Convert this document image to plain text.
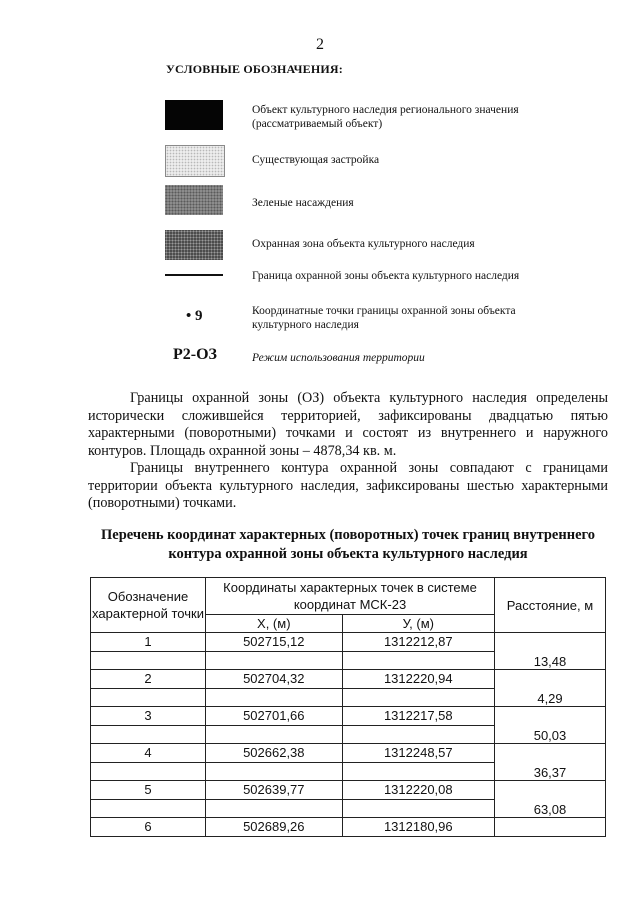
2
УСЛОВНЫЕ ОБОЗНАЧЕНИЯ:
Объект культурного наследия регионального значения (рассматриваемый объект)
Существующая застройка
Зеленые насаждения
Охранная зона объекта культурного наследия
Граница охранной зоны объекта культурного наследия
• 9	Координатные точки границы охранной зоны объекта культурного наследия
Р2-ОЗ	Режим использования территории
Границы охранной зоны (ОЗ) объекта культурного наследия определены исторически сложившейся территорией, зафиксированы двадцатью пятью характерными (поворотными) точками и состоят из внутреннего и наружного контуров. Площадь охранной зоны – 4878,34 кв. м.
Границы внутреннего контура охранной зоны совпадают с границами территории объекта культурного наследия, зафиксированы шестью характерными (поворотными) точками.
Перечень координат характерных (поворотных) точек границ внутреннего контура охранной зоны объекта культурного наследия
Обозначение характерной точки	Координаты характерных точек в системе координат МСК-23		Расстояние, м
	X, (м)	У, (м)	
1	502715,12	1312212,87	13,48

2	502704,32	1312220,94	4,29

3	502701,66	1312217,58	50,03

4	502662,38	1312248,57	36,37

5	502639,77	1312220,08	63,08

6	502689,26	1312180,96	
